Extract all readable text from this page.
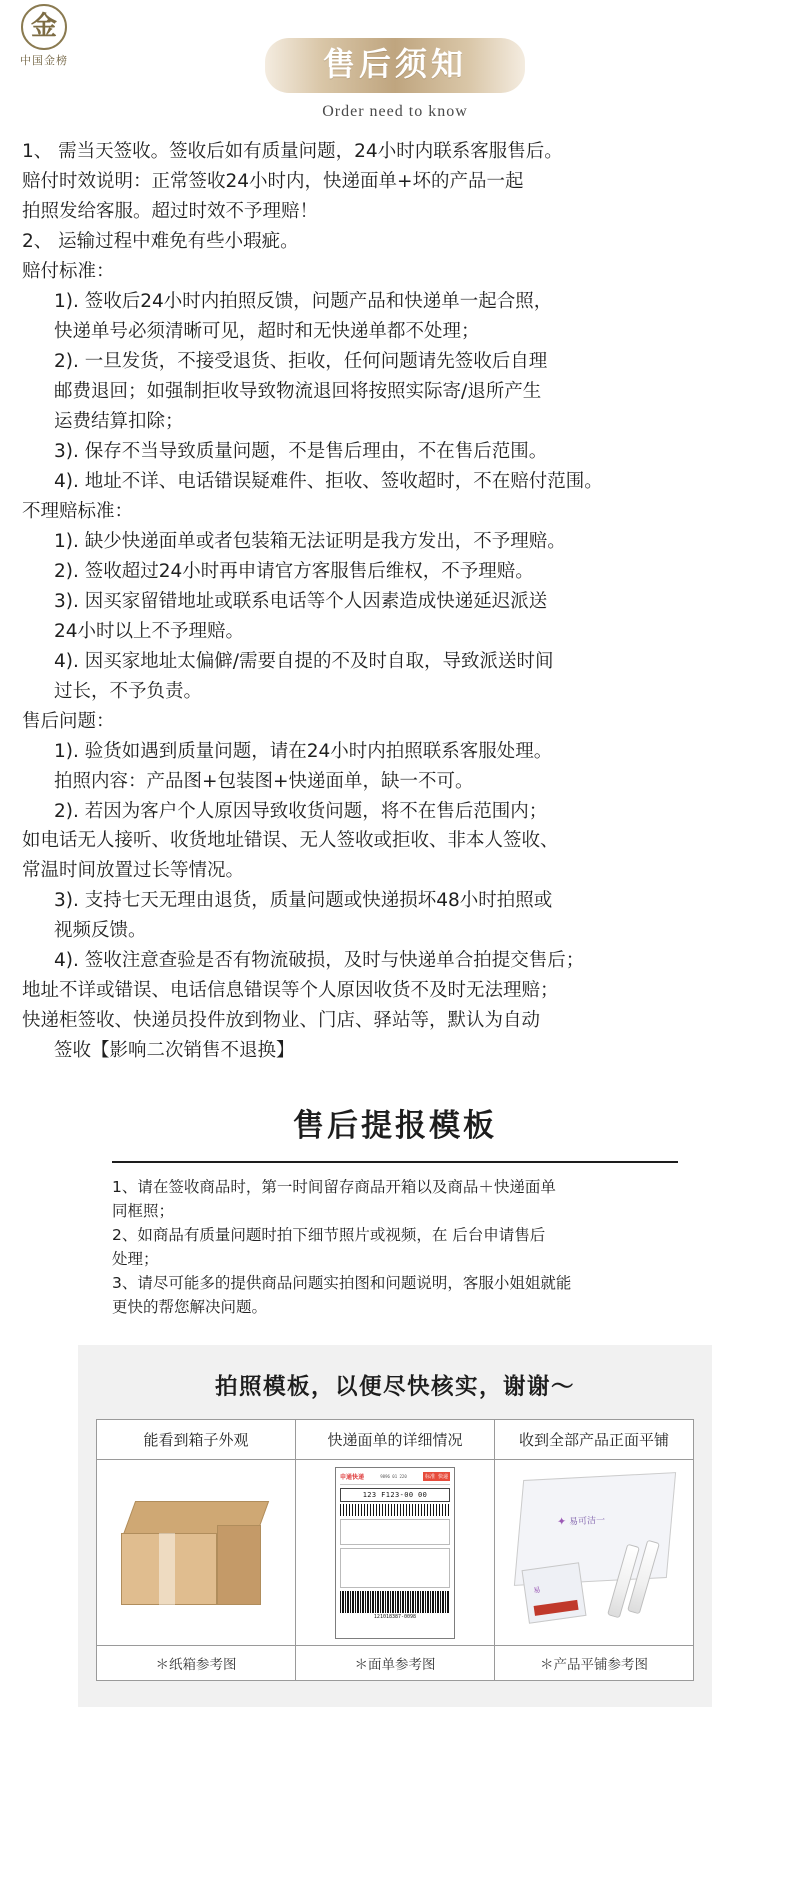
金
中国金榜	售后须知
Order need to know

1、 需当天签收。签收后如有质量问题，24小时内联系客服售后。

赔付时效说明：正常签收24小时内，快递面单+坏的产品一起

拍照发给客服。超过时效不予理赔！

2、 运输过程中难免有些小瑕疵。

赔付标准：

1). 签收后24小时内拍照反馈，问题产品和快递单一起合照，

快递单号必须清晰可见，超时和无快递单都不处理；

2). 一旦发货，不接受退货、拒收，任何问题请先签收后自理

邮费退回；如强制拒收导致物流退回将按照实际寄/退所产生

运费结算扣除；

3). 保存不当导致质量问题，不是售后理由，不在售后范围。

4). 地址不详、电话错误疑难件、拒收、签收超时，不在赔付范围。

不理赔标准：

1). 缺少快递面单或者包装箱无法证明是我方发出，不予理赔。

2). 签收超过24小时再申请官方客服售后维权，不予理赔。

3). 因买家留错地址或联系电话等个人因素造成快递延迟派送

24小时以上不予理赔。

4). 因买家地址太偏僻/需要自提的不及时自取，导致派送时间

过长，不予负责。

售后问题：

1). 验货如遇到质量问题，请在24小时内拍照联系客服处理。

拍照内容：产品图+包装图+快递面单，缺一不可。

2). 若因为客户个人原因导致收货问题，将不在售后范围内；

如电话无人接听、收货地址错误、无人签收或拒收、非本人签收、

常温时间放置过长等情况。

3). 支持七天无理由退货，质量问题或快递损坏48小时拍照或

视频反馈。

4). 签收注意查验是否有物流破损，及时与快递单合拍提交售后；

地址不详或错误、电话信息错误等个人原因收货不及时无法理赔；

快递柜签收、快递员投件放到物业、门店、驿站等，默认为自动

签收【影响二次销售不退换】

售后提报模板

1、请在签收商品时，第一时间留存商品开箱以及商品＋快递面单

同框照；

2、如商品有质量问题时拍下细节照片或视频，在 后台申请售后

处理；

3、请尽可能多的提供商品问题实拍图和问题说明，客服小姐姐就能

更快的帮您解决问题。

拍照模板，以便尽快核实，谢谢～
能看到箱子外观	快递面单的详细情况	收到全部产品正面平铺

申通快递	9896 01 220	标准 快递
123 F123-00 00
121018387-0098

✦ 易可洁一
易

＊纸箱参考图	＊面单参考图	＊产品平铺参考图
